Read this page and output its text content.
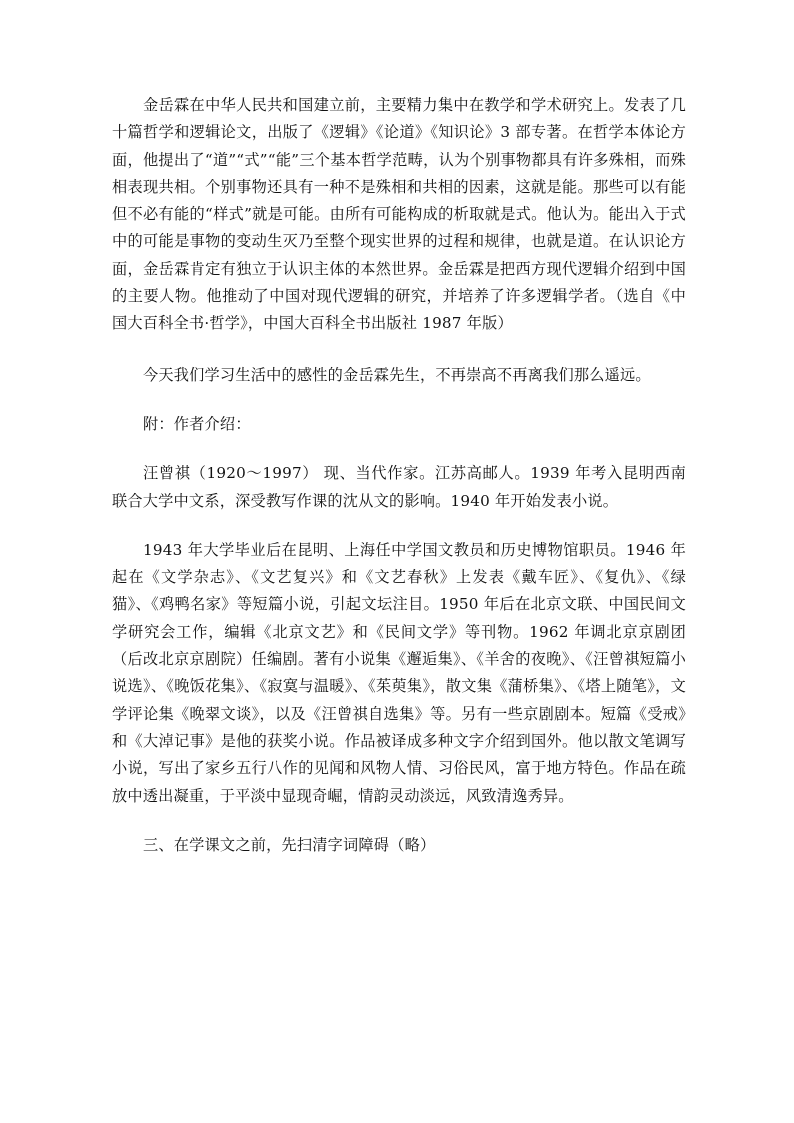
金岳霖在中华人民共和国建立前，主要精力集中在教学和学术研究上。发表了几十篇哲学和逻辑论文，出版了《逻辑》《论道》《知识论》3 部专著。在哲学本体论方面，他提出了“道”“式”“能”三个基本哲学范畴，认为个别事物都具有许多殊相，而殊相表现共相。个别事物还具有一种不是殊相和共相的因素，这就是能。那些可以有能但不必有能的“样式”就是可能。由所有可能构成的析取就是式。他认为。能出入于式中的可能是事物的变动生灭乃至整个现实世界的过程和规律，也就是道。在认识论方面，金岳霖肯定有独立于认识主体的本然世界。金岳霖是把西方现代逻辑介绍到中国的主要人物。他推动了中国对现代逻辑的研究，并培养了许多逻辑学者。（选自《中国大百科全书·哲学》，中国大百科全书出版社 1987 年版）

今天我们学习生活中的感性的金岳霖先生，不再崇高不再离我们那么遥远。

附：作者介绍：

汪曾祺（1920～1997） 现、当代作家。江苏高邮人。1939 年考入昆明西南联合大学中文系，深受教写作课的沈从文的影响。1940 年开始发表小说。

1943 年大学毕业后在昆明、上海任中学国文教员和历史博物馆职员。1946 年起在《文学杂志》、《文艺复兴》和《文艺春秋》上发表《戴车匠》、《复仇》、《绿猫》、《鸡鸭名家》等短篇小说，引起文坛注目。1950 年后在北京文联、中国民间文学研究会工作，编辑《北京文艺》和《民间文学》等刊物。1962 年调北京京剧团（后改北京京剧院）任编剧。著有小说集《邂逅集》、《羊舍的夜晚》、《汪曾祺短篇小说选》、《晚饭花集》、《寂寞与温暖》、《茱萸集》，散文集《蒲桥集》、《塔上随笔》，文学评论集《晚翠文谈》，以及《汪曾祺自选集》等。另有一些京剧剧本。短篇《受戒》和《大淖记事》是他的获奖小说。作品被译成多种文字介绍到国外。他以散文笔调写小说，写出了家乡五行八作的见闻和风物人情、习俗民风，富于地方特色。作品在疏放中透出凝重，于平淡中显现奇崛，情韵灵动淡远，风致清逸秀异。

三、在学课文之前，先扫清字词障碍（略）
